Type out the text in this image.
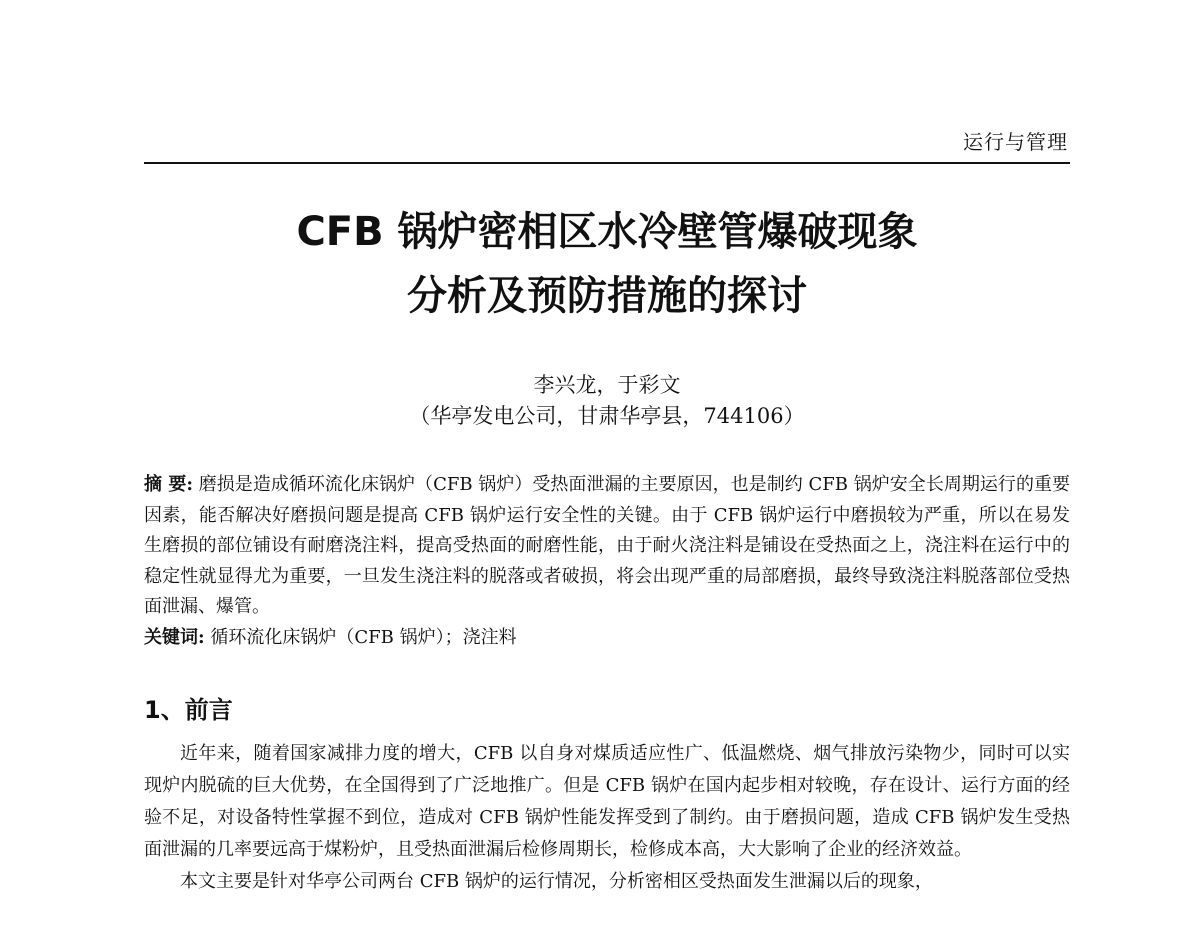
运行与管理
CFB 锅炉密相区水冷壁管爆破现象
分析及预防措施的探讨
李兴龙，于彩文
（华亭发电公司，甘肃华亭县，744106）
摘 要: 磨损是造成循环流化床锅炉（CFB 锅炉）受热面泄漏的主要原因，也是制约 CFB 锅炉安全长周期运行的重要因素，能否解决好磨损问题是提高 CFB 锅炉运行安全性的关键。由于 CFB 锅炉运行中磨损较为严重，所以在易发生磨损的部位铺设有耐磨浇注料，提高受热面的耐磨性能，由于耐火浇注料是铺设在受热面之上，浇注料在运行中的稳定性就显得尤为重要，一旦发生浇注料的脱落或者破损，将会出现严重的局部磨损，最终导致浇注料脱落部位受热面泄漏、爆管。
关键词: 循环流化床锅炉（CFB 锅炉）；浇注料
1、前言

近年来，随着国家减排力度的增大，CFB 以自身对煤质适应性广、低温燃烧、烟气排放污染物少，同时可以实现炉内脱硫的巨大优势，在全国得到了广泛地推广。但是 CFB 锅炉在国内起步相对较晚，存在设计、运行方面的经验不足，对设备特性掌握不到位，造成对 CFB 锅炉性能发挥受到了制约。由于磨损问题，造成 CFB 锅炉发生受热面泄漏的几率要远高于煤粉炉，且受热面泄漏后检修周期长，检修成本高，大大影响了企业的经济效益。

本文主要是针对华亭公司两台 CFB 锅炉的运行情况，分析密相区受热面发生泄漏以后的现象，
